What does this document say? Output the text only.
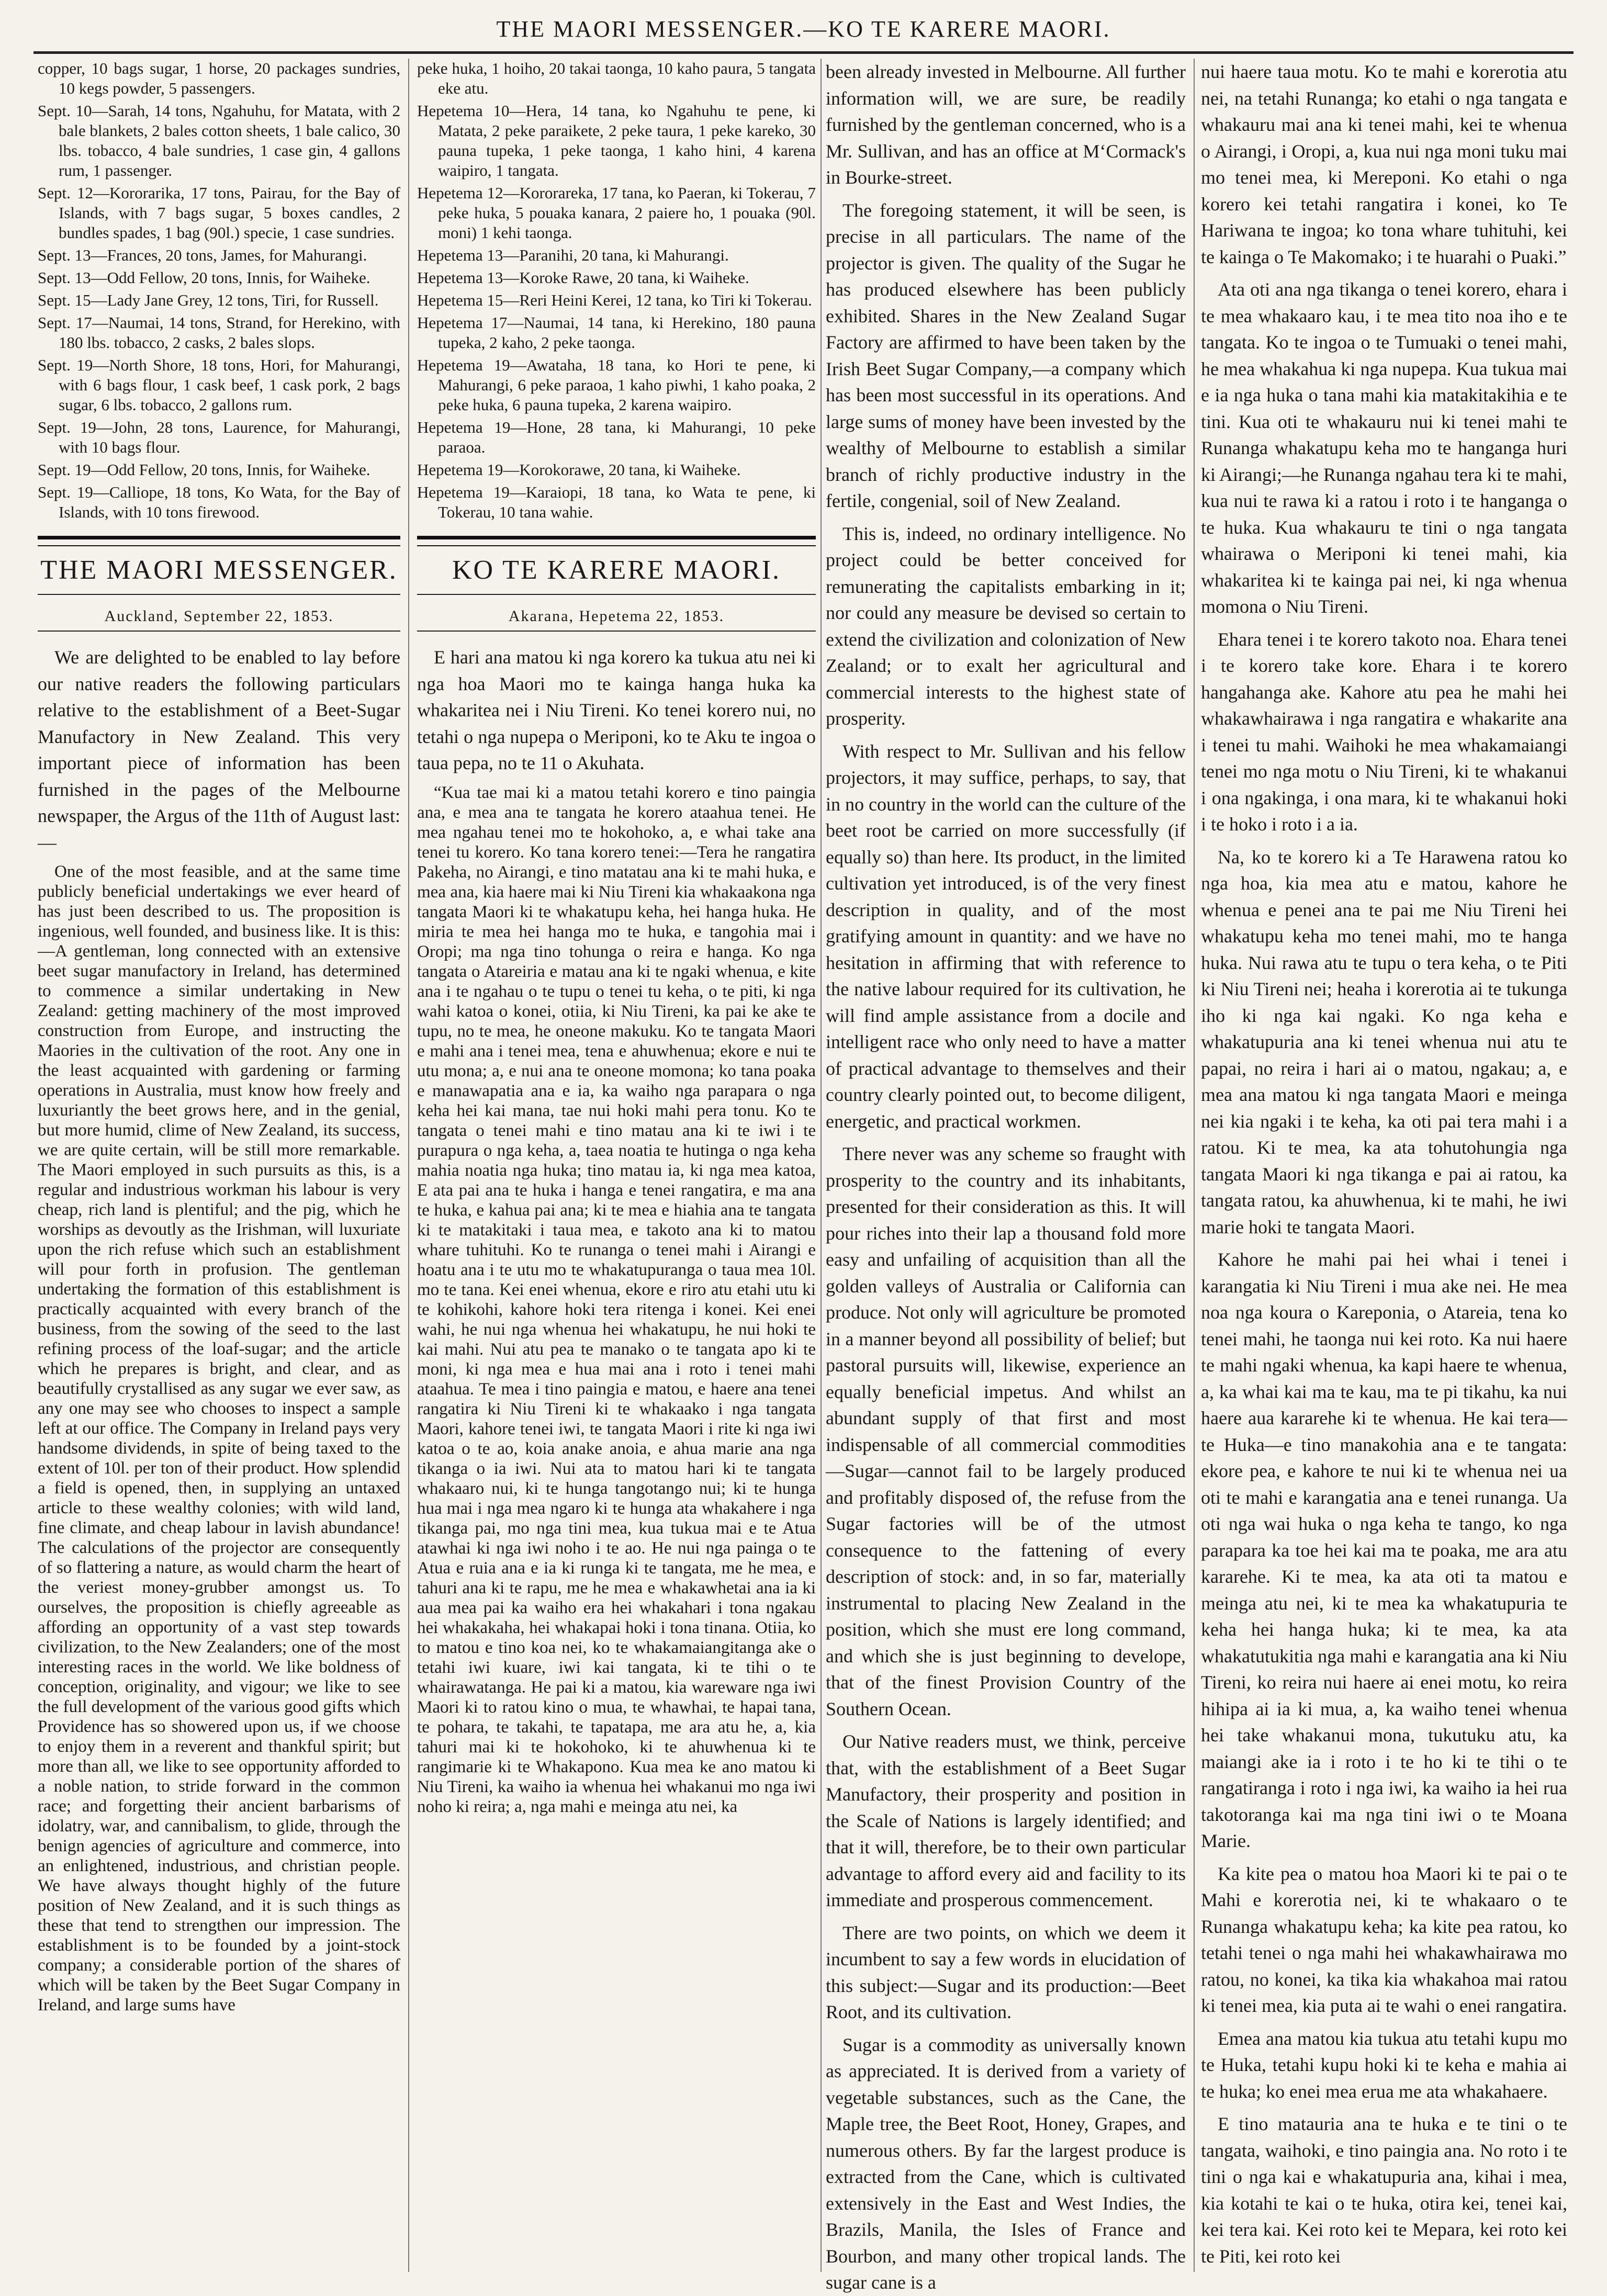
THE MAORI MESSENGER.—KO TE KARERE MAORI.

copper, 10 bags sugar, 1 horse, 20 packages sundries, 10 kegs powder, 5 passengers.

Sept. 10—Sarah, 14 tons, Ngahuhu, for Matata, with 2 bale blankets, 2 bales cotton sheets, 1 bale calico, 30 lbs. tobacco, 4 bale sundries, 1 case gin, 4 gallons rum, 1 passenger.

Sept. 12—Kororarika, 17 tons, Pairau, for the Bay of Islands, with 7 bags sugar, 5 boxes candles, 2 bundles spades, 1 bag (90l.) specie, 1 case sundries.

Sept. 13—Frances, 20 tons, James, for Mahurangi.

Sept. 13—Odd Fellow, 20 tons, Innis, for Waiheke.

Sept. 15—Lady Jane Grey, 12 tons, Tiri, for Russell.

Sept. 17—Naumai, 14 tons, Strand, for Herekino, with 180 lbs. tobacco, 2 casks, 2 bales slops.

Sept. 19—North Shore, 18 tons, Hori, for Mahurangi, with 6 bags flour, 1 cask beef, 1 cask pork, 2 bags sugar, 6 lbs. tobacco, 2 gallons rum.

Sept. 19—John, 28 tons, Laurence, for Mahurangi, with 10 bags flour.

Sept. 19—Odd Fellow, 20 tons, Innis, for Waiheke.

Sept. 19—Calliope, 18 tons, Ko Wata, for the Bay of Islands, with 10 tons firewood.

THE MAORI MESSENGER.
Auckland, September 22, 1853.

We are delighted to be enabled to lay before our native readers the following particulars relative to the establishment of a Beet-Sugar Manufactory in New Zealand. This very important piece of information has been furnished in the pages of the Melbourne newspaper, the Argus of the 11th of August last:—

One of the most feasible, and at the same time publicly beneficial undertakings we ever heard of has just been described to us. The proposition is ingenious, well founded, and business like. It is this:—A gentleman, long connected with an extensive beet sugar manufactory in Ireland, has determined to commence a similar undertaking in New Zealand: getting machinery of the most improved construction from Europe, and instructing the Maories in the cultivation of the root. Any one in the least acquainted with gardening or farming operations in Australia, must know how freely and luxuriantly the beet grows here, and in the genial, but more humid, clime of New Zealand, its success, we are quite certain, will be still more remarkable. The Maori employed in such pursuits as this, is a regular and industrious workman his labour is very cheap, rich land is plentiful; and the pig, which he worships as devoutly as the Irishman, will luxuriate upon the rich refuse which such an establishment will pour forth in profusion. The gentleman undertaking the formation of this establishment is practically acquainted with every branch of the business, from the sowing of the seed to the last refining process of the loaf-sugar; and the article which he prepares is bright, and clear, and as beautifully crystallised as any sugar we ever saw, as any one may see who chooses to inspect a sample left at our office. The Company in Ireland pays very handsome dividends, in spite of being taxed to the extent of 10l. per ton of their product. How splendid a field is opened, then, in supplying an untaxed article to these wealthy colonies; with wild land, fine climate, and cheap labour in lavish abundance! The calculations of the projector are consequently of so flattering a nature, as would charm the heart of the veriest money-grubber amongst us. To ourselves, the proposition is chiefly agreeable as affording an opportunity of a vast step towards civilization, to the New Zealanders; one of the most interesting races in the world. We like boldness of conception, originality, and vigour; we like to see the full development of the various good gifts which Providence has so showered upon us, if we choose to enjoy them in a reverent and thankful spirit; but more than all, we like to see opportunity afforded to a noble nation, to stride forward in the common race; and forgetting their ancient barbarisms of idolatry, war, and cannibalism, to glide, through the benign agencies of agriculture and commerce, into an enlightened, industrious, and christian people. We have always thought highly of the future position of New Zealand, and it is such things as these that tend to strengthen our impression. The establishment is to be founded by a joint-stock company; a considerable portion of the shares of which will be taken by the Beet Sugar Company in Ireland, and large sums have

peke huka, 1 hoiho, 20 takai taonga, 10 kaho paura, 5 tangata eke atu.

Hepetema 10—Hera, 14 tana, ko Ngahuhu te pene, ki Matata, 2 peke paraikete, 2 peke taura, 1 peke kareko, 30 pauna tupeka, 1 peke taonga, 1 kaho hini, 4 karena waipiro, 1 tangata.

Hepetema 12—Kororareka, 17 tana, ko Paeran, ki Tokerau, 7 peke huka, 5 pouaka kanara, 2 paiere ho, 1 pouaka (90l. moni) 1 kehi taonga.

Hepetema 13—Paranihi, 20 tana, ki Mahurangi.

Hepetema 13—Koroke Rawe, 20 tana, ki Waiheke.

Hepetema 15—Reri Heini Kerei, 12 tana, ko Tiri ki Tokerau.

Hepetema 17—Naumai, 14 tana, ki Herekino, 180 pauna tupeka, 2 kaho, 2 peke taonga.

Hepetema 19—Awataha, 18 tana, ko Hori te pene, ki Mahurangi, 6 peke paraoa, 1 kaho piwhi, 1 kaho poaka, 2 peke huka, 6 pauna tupeka, 2 karena waipiro.

Hepetema 19—Hone, 28 tana, ki Mahurangi, 10 peke paraoa.

Hepetema 19—Korokorawe, 20 tana, ki Waiheke.

Hepetema 19—Karaiopi, 18 tana, ko Wata te pene, ki Tokerau, 10 tana wahie.

KO TE KARERE MAORI.
Akarana, Hepetema 22, 1853.

E hari ana matou ki nga korero ka tukua atu nei ki nga hoa Maori mo te kainga hanga huka ka whakaritea nei i Niu Tireni. Ko tenei korero nui, no tetahi o nga nupepa o Meriponi, ko te Aku te ingoa o taua pepa, no te 11 o Akuhata.

“Kua tae mai ki a matou tetahi korero e tino paingia ana, e mea ana te tangata he korero ataahua tenei. He mea ngahau tenei mo te hokohoko, a, e whai take ana tenei tu korero. Ko tana korero tenei:—Tera he rangatira Pakeha, no Airangi, e tino matatau ana ki te mahi huka, e mea ana, kia haere mai ki Niu Tireni kia whakaakona nga tangata Maori ki te whakatupu keha, hei hanga huka. He miria te mea hei hanga mo te huka, e tangohia mai i Oropi; ma nga tino tohunga o reira e hanga. Ko nga tangata o Atareiria e matau ana ki te ngaki whenua, e kite ana i te ngahau o te tupu o tenei tu keha, o te piti, ki nga wahi katoa o konei, otiia, ki Niu Tireni, ka pai ke ake te tupu, no te mea, he oneone makuku. Ko te tangata Maori e mahi ana i tenei mea, tena e ahuwhenua; ekore e nui te utu mona; a, e nui ana te oneone momona; ko tana poaka e manawapatia ana e ia, ka waiho nga parapara o nga keha hei kai mana, tae nui hoki mahi pera tonu. Ko te tangata o tenei mahi e tino matau ana ki te iwi i te purapura o nga keha, a, taea noatia te hutinga o nga keha mahia noatia nga huka; tino matau ia, ki nga mea katoa, E ata pai ana te huka i hanga e tenei rangatira, e ma ana te huka, e kahua pai ana; ki te mea e hiahia ana te tangata ki te matakitaki i taua mea, e takoto ana ki to matou whare tuhituhi. Ko te runanga o tenei mahi i Airangi e hoatu ana i te utu mo te whakatupuranga o taua mea 10l. mo te tana. Kei enei whenua, ekore e riro atu etahi utu ki te kohikohi, kahore hoki tera ritenga i konei. Kei enei wahi, he nui nga whenua hei whakatupu, he nui hoki te kai mahi. Nui atu pea te manako o te tangata apo ki te moni, ki nga mea e hua mai ana i roto i tenei mahi ataahua. Te mea i tino paingia e matou, e haere ana tenei rangatira ki Niu Tireni ki te whakaako i nga tangata Maori, kahore tenei iwi, te tangata Maori i rite ki nga iwi katoa o te ao, koia anake anoia, e ahua marie ana nga tikanga o ia iwi. Nui ata to matou hari ki te tangata whakaaro nui, ki te hunga tangotango nui; ki te hunga hua mai i nga mea ngaro ki te hunga ata whakahere i nga tikanga pai, mo nga tini mea, kua tukua mai e te Atua atawhai ki nga iwi noho i te ao. He nui nga painga o te Atua e ruia ana e ia ki runga ki te tangata, me he mea, e tahuri ana ki te rapu, me he mea e whakawhetai ana ia ki aua mea pai ka waiho era hei whakahari i tona ngakau hei whakakaha, hei whakapai hoki i tona tinana. Otiia, ko to matou e tino koa nei, ko te whakamaiangitanga ake o tetahi iwi kuare, iwi kai tangata, ki te tihi o te whairawatanga. He pai ki a matou, kia wareware nga iwi Maori ki to ratou kino o mua, te whawhai, te hapai tana, te pohara, te takahi, te tapatapa, me ara atu he, a, kia tahuri mai ki te hokohoko, ki te ahuwhenua ki te rangimarie ki te Whakapono. Kua mea ke ano matou ki Niu Tireni, ka waiho ia whenua hei whakanui mo nga iwi noho ki reira; a, nga mahi e meinga atu nei, ka

been already invested in Melbourne. All further information will, we are sure, be readily furnished by the gentleman concerned, who is a Mr. Sullivan, and has an office at M‘Cormack's in Bourke-street.

The foregoing statement, it will be seen, is precise in all particulars. The name of the projector is given. The quality of the Sugar he has produced elsewhere has been publicly exhibited. Shares in the New Zealand Sugar Factory are affirmed to have been taken by the Irish Beet Sugar Company,—a company which has been most successful in its operations. And large sums of money have been invested by the wealthy of Melbourne to establish a similar branch of richly productive industry in the fertile, congenial, soil of New Zealand.

This is, indeed, no ordinary intelligence. No project could be better conceived for remunerating the capitalists embarking in it; nor could any measure be devised so certain to extend the civilization and colonization of New Zealand; or to exalt her agricultural and commercial interests to the highest state of prosperity.

With respect to Mr. Sullivan and his fellow projectors, it may suffice, perhaps, to say, that in no country in the world can the culture of the beet root be carried on more successfully (if equally so) than here. Its product, in the limited cultivation yet introduced, is of the very finest description in quality, and of the most gratifying amount in quantity: and we have no hesitation in affirming that with reference to the native labour required for its cultivation, he will find ample assistance from a docile and intelligent race who only need to have a matter of practical advantage to themselves and their country clearly pointed out, to become diligent, energetic, and practical workmen.

There never was any scheme so fraught with prosperity to the country and its inhabitants, presented for their consideration as this. It will pour riches into their lap a thousand fold more easy and unfailing of acquisition than all the golden valleys of Australia or California can produce. Not only will agriculture be promoted in a manner beyond all possibility of belief; but pastoral pursuits will, likewise, experience an equally beneficial impetus. And whilst an abundant supply of that first and most indispensable of all commercial commodities —Sugar—cannot fail to be largely produced and profitably disposed of, the refuse from the Sugar factories will be of the utmost consequence to the fattening of every description of stock: and, in so far, materially instrumental to placing New Zealand in the position, which she must ere long command, and which she is just beginning to develope, that of the finest Provision Country of the Southern Ocean.

Our Native readers must, we think, perceive that, with the establishment of a Beet Sugar Manufactory, their prosperity and position in the Scale of Nations is largely identified; and that it will, therefore, be to their own particular advantage to afford every aid and facility to its immediate and prosperous commencement.

There are two points, on which we deem it incumbent to say a few words in elucidation of this subject:—Sugar and its production:—Beet Root, and its cultivation.

Sugar is a commodity as universally known as appreciated. It is derived from a variety of vegetable substances, such as the Cane, the Maple tree, the Beet Root, Honey, Grapes, and numerous others. By far the largest produce is extracted from the Cane, which is cultivated extensively in the East and West Indies, the Brazils, Manila, the Isles of France and Bourbon, and many other tropical lands. The sugar cane is a

nui haere taua motu. Ko te mahi e korerotia atu nei, na tetahi Runanga; ko etahi o nga tangata e whakauru mai ana ki tenei mahi, kei te whenua o Airangi, i Oropi, a, kua nui nga moni tuku mai mo tenei mea, ki Mereponi. Ko etahi o nga korero kei tetahi rangatira i konei, ko Te Hariwana te ingoa; ko tona whare tuhituhi, kei te kainga o Te Makomako; i te huarahi o Puaki.”

Ata oti ana nga tikanga o tenei korero, ehara i te mea whakaaro kau, i te mea tito noa iho e te tangata. Ko te ingoa o te Tumuaki o tenei mahi, he mea whakahua ki nga nupepa. Kua tukua mai e ia nga huka o tana mahi kia matakitakihia e te tini. Kua oti te whakauru nui ki tenei mahi te Runanga whakatupu keha mo te hanganga huri ki Airangi;—he Runanga ngahau tera ki te mahi, kua nui te rawa ki a ratou i roto i te hanganga o te huka. Kua whakauru te tini o nga tangata whairawa o Meriponi ki tenei mahi, kia whakaritea ki te kainga pai nei, ki nga whenua momona o Niu Tireni.

Ehara tenei i te korero takoto noa. Ehara tenei i te korero take kore. Ehara i te korero hangahanga ake. Kahore atu pea he mahi hei whakawhairawa i nga rangatira e whakarite ana i tenei tu mahi. Waihoki he mea whakamaiangi tenei mo nga motu o Niu Tireni, ki te whakanui i ona ngakinga, i ona mara, ki te whakanui hoki i te hoko i roto i a ia.

Na, ko te korero ki a Te Harawena ratou ko nga hoa, kia mea atu e matou, kahore he whenua e penei ana te pai me Niu Tireni hei whakatupu keha mo tenei mahi, mo te hanga huka. Nui rawa atu te tupu o tera keha, o te Piti ki Niu Tireni nei; heaha i korerotia ai te tukunga iho ki nga kai ngaki. Ko nga keha e whakatupuria ana ki tenei whenua nui atu te papai, no reira i hari ai o matou, ngakau; a, e mea ana matou ki nga tangata Maori e meinga nei kia ngaki i te keha, ka oti pai tera mahi i a ratou. Ki te mea, ka ata tohutohungia nga tangata Maori ki nga tikanga e pai ai ratou, ka tangata ratou, ka ahuwhenua, ki te mahi, he iwi marie hoki te tangata Maori.

Kahore he mahi pai hei whai i tenei i karangatia ki Niu Tireni i mua ake nei. He mea noa nga koura o Kareponia, o Atareia, tena ko tenei mahi, he taonga nui kei roto. Ka nui haere te mahi ngaki whenua, ka kapi haere te whenua, a, ka whai kai ma te kau, ma te pi tikahu, ka nui haere aua kararehe ki te whenua. He kai tera—te Huka—e tino manakohia ana e te tangata: ekore pea, e kahore te nui ki te whenua nei ua oti te mahi e karangatia ana e tenei runanga. Ua oti nga wai huka o nga keha te tango, ko nga parapara ka toe hei kai ma te poaka, me ara atu kararehe. Ki te mea, ka ata oti ta matou e meinga atu nei, ki te mea ka whakatupuria te keha hei hanga huka; ki te mea, ka ata whakatutukitia nga mahi e karangatia ana ki Niu Tireni, ko reira nui haere ai enei motu, ko reira hihipa ai ia ki mua, a, ka waiho tenei whenua hei take whakanui mona, tukutuku atu, ka maiangi ake ia i roto i te ho ki te tihi o te rangatiranga i roto i nga iwi, ka waiho ia hei rua takotoranga kai ma nga tini iwi o te Moana Marie.

Ka kite pea o matou hoa Maori ki te pai o te Mahi e korerotia nei, ki te whakaaro o te Runanga whakatupu keha; ka kite pea ratou, ko tetahi tenei o nga mahi hei whakawhairawa mo ratou, no konei, ka tika kia whakahoa mai ratou ki tenei mea, kia puta ai te wahi o enei rangatira.

Emea ana matou kia tukua atu tetahi kupu mo te Huka, tetahi kupu hoki ki te keha e mahia ai te huka; ko enei mea erua me ata whakahaere.

E tino matauria ana te huka e te tini o te tangata, waihoki, e tino paingia ana. No roto i te tini o nga kai e whakatupuria ana, kihai i mea, kia kotahi te kai o te huka, otira kei, tenei kai, kei tera kai. Kei roto kei te Mepara, kei roto kei te Piti, kei roto kei
